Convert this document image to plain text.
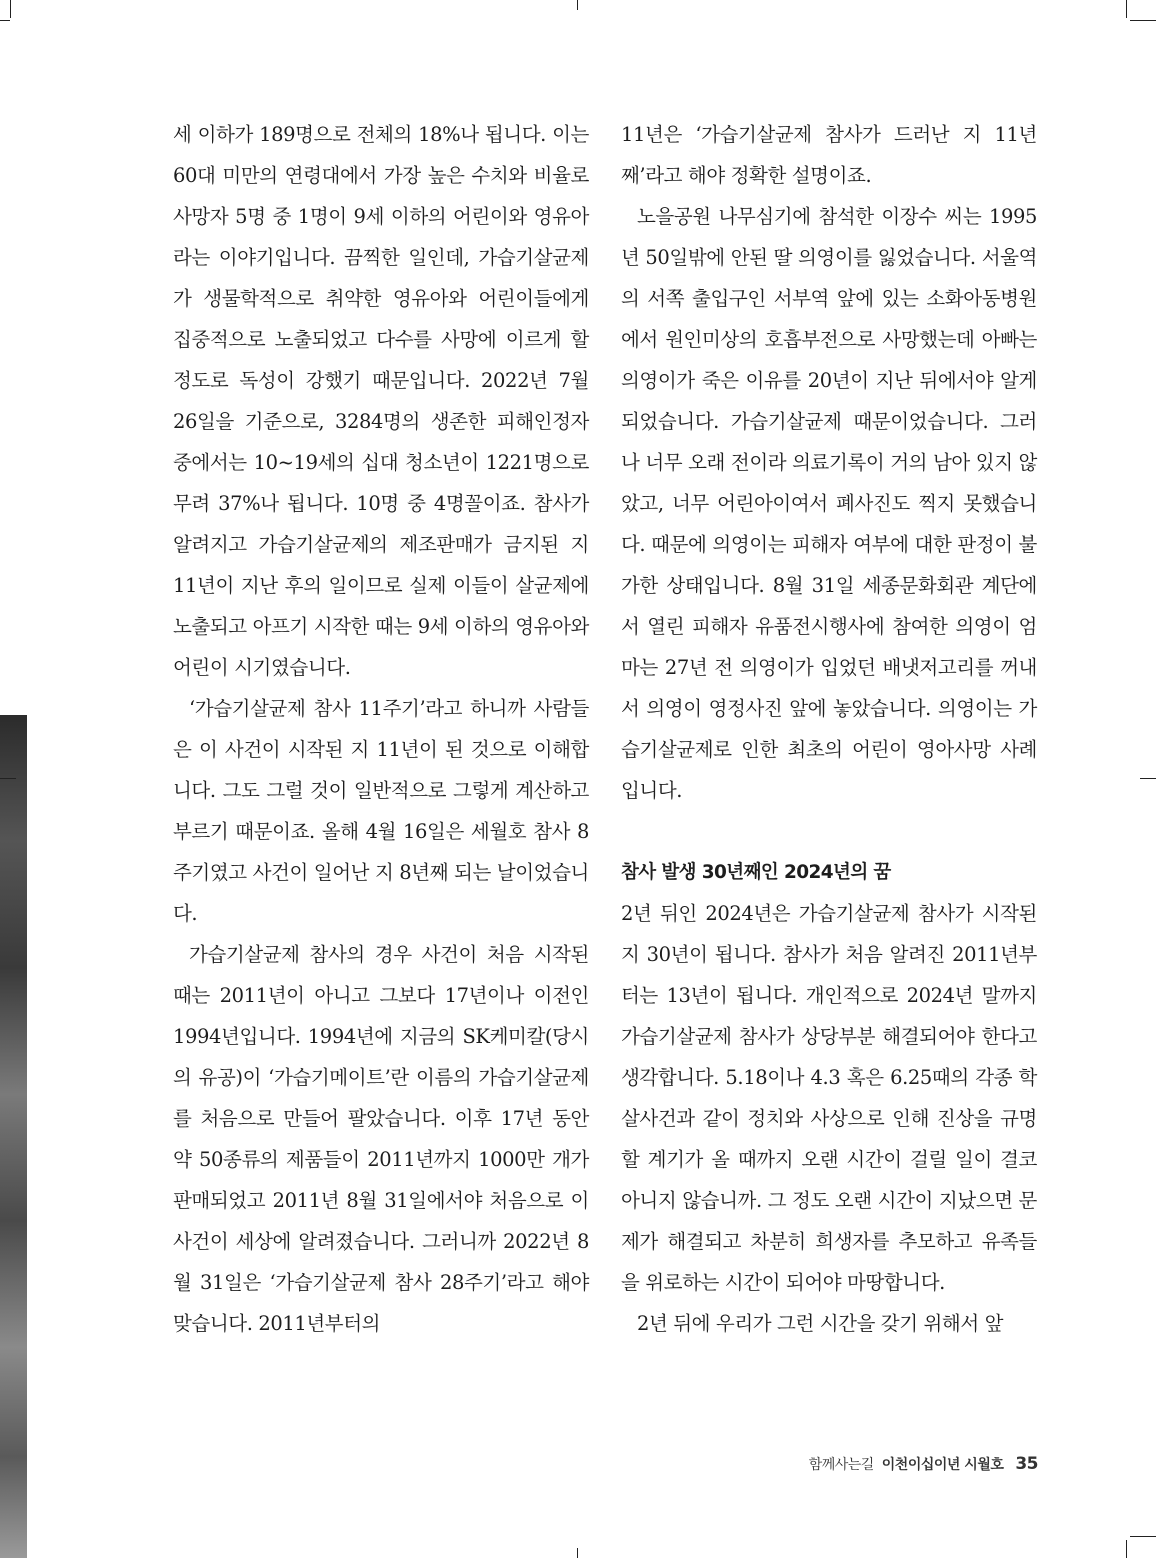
세 이하가 189명으로 전체의 18%나 됩니다. 이는 60대 미만의 연령대에서 가장 높은 수치와 비율로 사망자 5명 중 1명이 9세 이하의 어린이와 영유아라는 이야기입니다. 끔찍한 일인데, 가습기살균제가 생물학적으로 취약한 영유아와 어린이들에게 집중적으로 노출되었고 다수를 사망에 이르게 할 정도로 독성이 강했기 때문입니다. 2022년 7월 26일을 기준으로, 3284명의 생존한 피해인정자 중에서는 10~19세의 십대 청소년이 1221명으로 무려 37%나 됩니다. 10명 중 4명꼴이죠. 참사가 알려지고 가습기살균제의 제조판매가 금지된 지 11년이 지난 후의 일이므로 실제 이들이 살균제에 노출되고 아프기 시작한 때는 9세 이하의 영유아와 어린이 시기였습니다.

‘가습기살균제 참사 11주기’라고 하니까 사람들은 이 사건이 시작된 지 11년이 된 것으로 이해합니다. 그도 그럴 것이 일반적으로 그렇게 계산하고 부르기 때문이죠. 올해 4월 16일은 세월호 참사 8주기였고 사건이 일어난 지 8년째 되는 날이었습니다.

가습기살균제 참사의 경우 사건이 처음 시작된 때는 2011년이 아니고 그보다 17년이나 이전인 1994년입니다. 1994년에 지금의 SK케미칼(당시의 유공)이 ‘가습기메이트’란 이름의 가습기살균제를 처음으로 만들어 팔았습니다. 이후 17년 동안 약 50종류의 제품들이 2011년까지 1000만 개가 판매되었고 2011년 8월 31일에서야 처음으로 이 사건이 세상에 알려졌습니다. 그러니까 2022년 8월 31일은 ‘가습기살균제 참사 28주기’라고 해야 맞습니다. 2011년부터의

11년은 ‘가습기살균제 참사가 드러난 지 11년째’라고 해야 정확한 설명이죠.

노을공원 나무심기에 참석한 이장수 씨는 1995년 50일밖에 안된 딸 의영이를 잃었습니다. 서울역의 서쪽 출입구인 서부역 앞에 있는 소화아동병원에서 원인미상의 호흡부전으로 사망했는데 아빠는 의영이가 죽은 이유를 20년이 지난 뒤에서야 알게 되었습니다. 가습기살균제 때문이었습니다. 그러나 너무 오래 전이라 의료기록이 거의 남아 있지 않았고, 너무 어린아이여서 폐사진도 찍지 못했습니다. 때문에 의영이는 피해자 여부에 대한 판정이 불가한 상태입니다. 8월 31일 세종문화회관 계단에서 열린 피해자 유품전시행사에 참여한 의영이 엄마는 27년 전 의영이가 입었던 배냇저고리를 꺼내서 의영이 영정사진 앞에 놓았습니다. 의영이는 가습기살균제로 인한 최초의 어린이 영아사망 사례입니다.

참사 발생 30년째인 2024년의 꿈

2년 뒤인 2024년은 가습기살균제 참사가 시작된 지 30년이 됩니다. 참사가 처음 알려진 2011년부터는 13년이 됩니다. 개인적으로 2024년 말까지 가습기살균제 참사가 상당부분 해결되어야 한다고 생각합니다. 5.18이나 4.3 혹은 6.25때의 각종 학살사건과 같이 정치와 사상으로 인해 진상을 규명할 계기가 올 때까지 오랜 시간이 걸릴 일이 결코 아니지 않습니까. 그 정도 오랜 시간이 지났으면 문제가 해결되고 차분히 희생자를 추모하고 유족들을 위로하는 시간이 되어야 마땅합니다.

2년 뒤에 우리가 그런 시간을 갖기 위해서 앞

함께사는길 이천이십이년 시월호 35
